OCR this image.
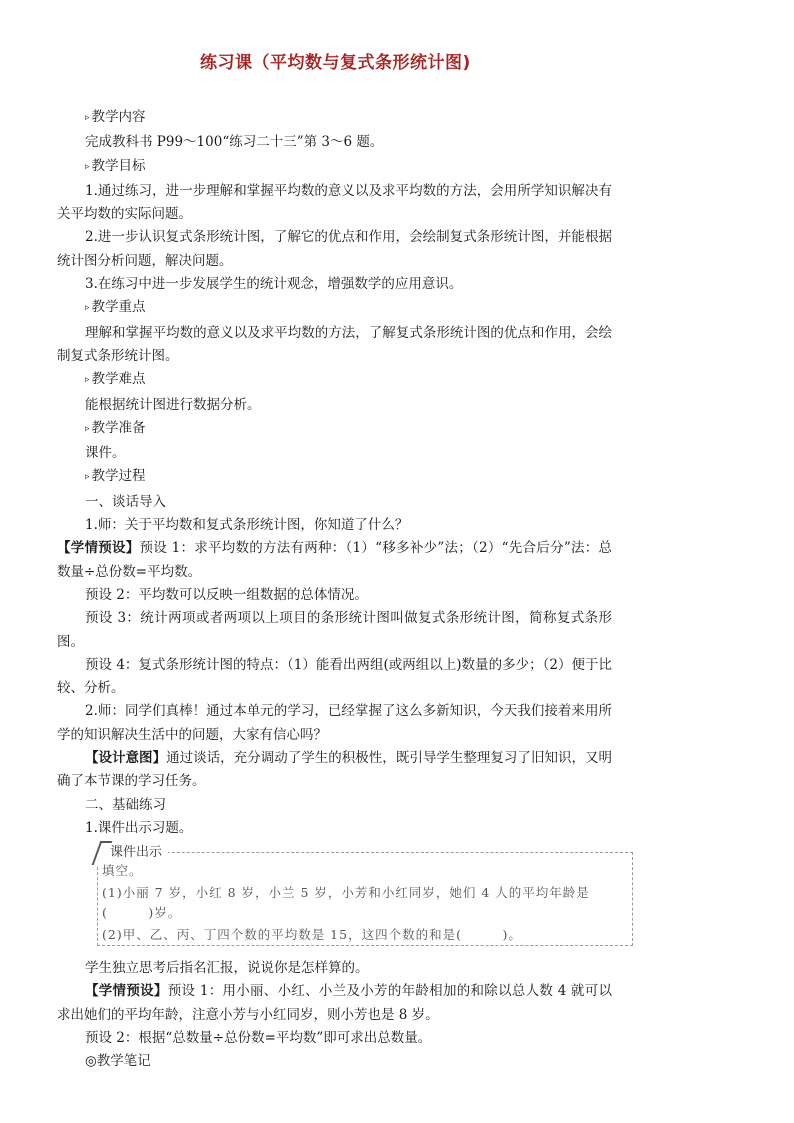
练习课（平均数与复式条形统计图)

▹ 教学内容

完成教科书 P99～100“练习二十三”第 3～6 题。

▹ 教学目标

1.通过练习，进一步理解和掌握平均数的意义以及求平均数的方法，会用所学知识解决有关平均数的实际问题。

2.进一步认识复式条形统计图，了解它的优点和作用，会绘制复式条形统计图，并能根据统计图分析问题，解决问题。

3.在练习中进一步发展学生的统计观念，增强数学的应用意识。

▹ 教学重点

理解和掌握平均数的意义以及求平均数的方法，了解复式条形统计图的优点和作用，会绘制复式条形统计图。

▹ 教学难点

能根据统计图进行数据分析。

▹ 教学准备

课件。

▹ 教学过程

一、谈话导入

1.师：关于平均数和复式条形统计图，你知道了什么？

【学情预设】预设 1：求平均数的方法有两种：（1）“移多补少”法；（2）“先合后分”法：总数量÷总份数=平均数。

预设 2：平均数可以反映一组数据的总体情况。

预设 3：统计两项或者两项以上项目的条形统计图叫做复式条形统计图，简称复式条形图。

预设 4：复式条形统计图的特点：（1）能看出两组(或两组以上)数量的多少；（2）便于比较、分析。

2.师：同学们真棒！通过本单元的学习，已经掌握了这么多新知识，今天我们接着来用所学的知识解决生活中的问题，大家有信心吗？

【设计意图】通过谈话，充分调动了学生的积极性，既引导学生整理复习了旧知识，又明确了本节课的学习任务。

二、基础练习

1.课件出示习题。

课件出示
填空。
(1)小丽 7 岁，小红 8 岁，小兰 5 岁，小芳和小红同岁，她们 4 人的平均年龄是
(　　　)岁。
(2)甲、乙、丙、丁四个数的平均数是 15，这四个数的和是(　　　)。

学生独立思考后指名汇报，说说你是怎样算的。

【学情预设】预设 1：用小丽、小红、小兰及小芳的年龄相加的和除以总人数 4 就可以求出她们的平均年龄，注意小芳与小红同岁，则小芳也是 8 岁。

预设 2：根据“总数量÷总份数=平均数”即可求出总数量。

◎教学笔记
